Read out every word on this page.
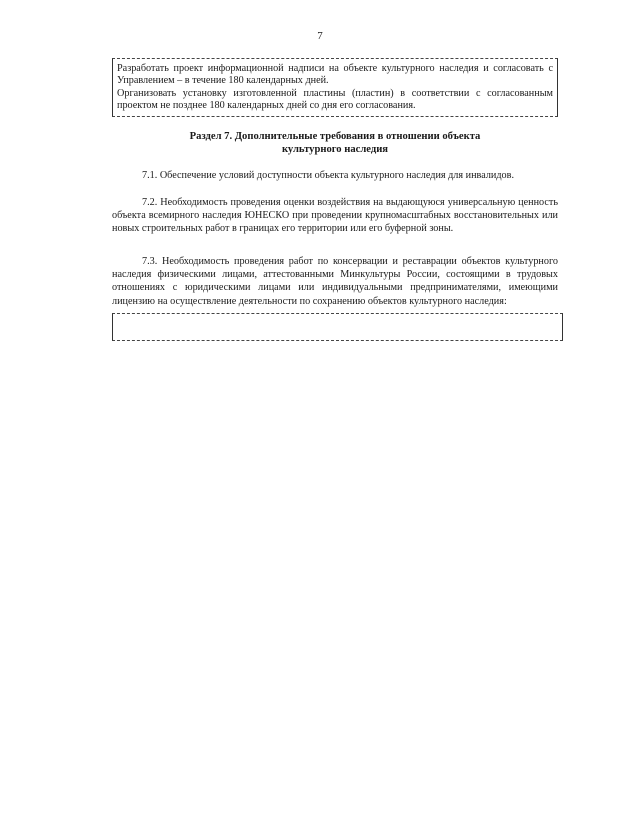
7

Разработать проект информационной надписи на объекте культурного наследия и согласовать с Управлением – в течение 180 календарных дней.

Организовать установку изготовленной пластины (пластин) в соответствии с согласованным проектом не позднее 180 календарных дней со дня его согласования.

Раздел 7. Дополнительные требования в отношении объекта
культурного наследия

7.1. Обеспечение условий доступности объекта культурного наследия для инвалидов.

7.2. Необходимость проведения оценки воздействия на выдающуюся универсальную ценность объекта всемирного наследия ЮНЕСКО при проведении крупномасштабных восстановительных или новых строительных работ в границах его территории или его буферной зоны.

7.3. Необходимость проведения работ по консервации и реставрации объектов культурного наследия физическими лицами, аттестованными Минкультуры России, состоящими в трудовых отношениях с юридическими лицами или индивидуальными предпринимателями, имеющими лицензию на осуществление деятельности по сохранению объектов культурного наследия:
